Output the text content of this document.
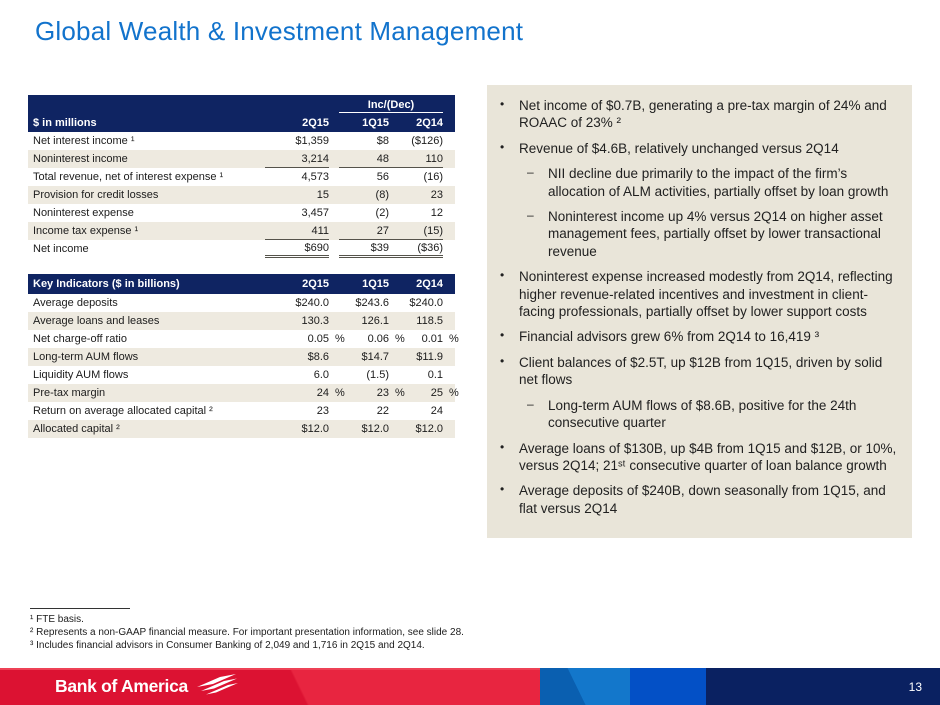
Global Wealth & Investment Management
Inc/(Dec)
$ in millions	2Q15	1Q15	2Q14
Net interest income ¹	$1,359	$8	($126)
Noninterest income	3,214	48	110
Total revenue, net of interest expense ¹	4,573	56	(16)
Provision for credit losses	15	(8)	23
Noninterest expense	3,457	(2)	12
Income tax expense ¹	411	27	(15)
Net income	$690	$39	($36)
Key Indicators ($ in billions)	2Q15	1Q15	2Q14
Average deposits	$240.0 $243.6 $240.0
Average loans and leases	130.3	126.1 118.5
Net charge-off ratio	0.05 % 0.06 % 0.01 %
Long-term AUM flows	$8.6	$14.7 $11.9
Liquidity AUM flows	6.0	(1.5)	0.1
Pre-tax margin	24 %	23 % 25 %
Return on average allocated capital ²	23	22	24
Allocated capital ²	$12.0	$12.0 $12.0
•	Net income of $0.7B, generating a pre-tax margin of 24% and ROAAC of 23% ²
•	Revenue of $4.6B, relatively unchanged versus 2Q14
–	NII decline due primarily to the impact of the firm’s allocation of ALM activities, partially offset by loan growth
–	Noninterest income up 4% versus 2Q14 on higher asset management fees, partially offset by lower transactional revenue
•	Noninterest expense increased modestly from 2Q14, reflecting higher revenue-related incentives and investment in client-facing professionals, partially offset by lower support costs
•	Financial advisors grew 6% from 2Q14 to 16,419 ³
•	Client balances of $2.5T, up $12B from 1Q15, driven by solid net flows
–	Long-term AUM flows of $8.6B, positive for the 24th consecutive quarter
•	Average loans of $130B, up $4B from 1Q15 and $12B, or 10%, versus 2Q14; 21ˢᵗ consecutive quarter of loan balance growth
•	Average deposits of $240B, down seasonally from 1Q15, and flat versus 2Q14
¹ FTE basis.
² Represents a non-GAAP financial measure. For important presentation information, see slide 28.
³ Includes financial advisors in Consumer Banking of 2,049 and 1,716 in 2Q15 and 2Q14.
Bank of America	13
